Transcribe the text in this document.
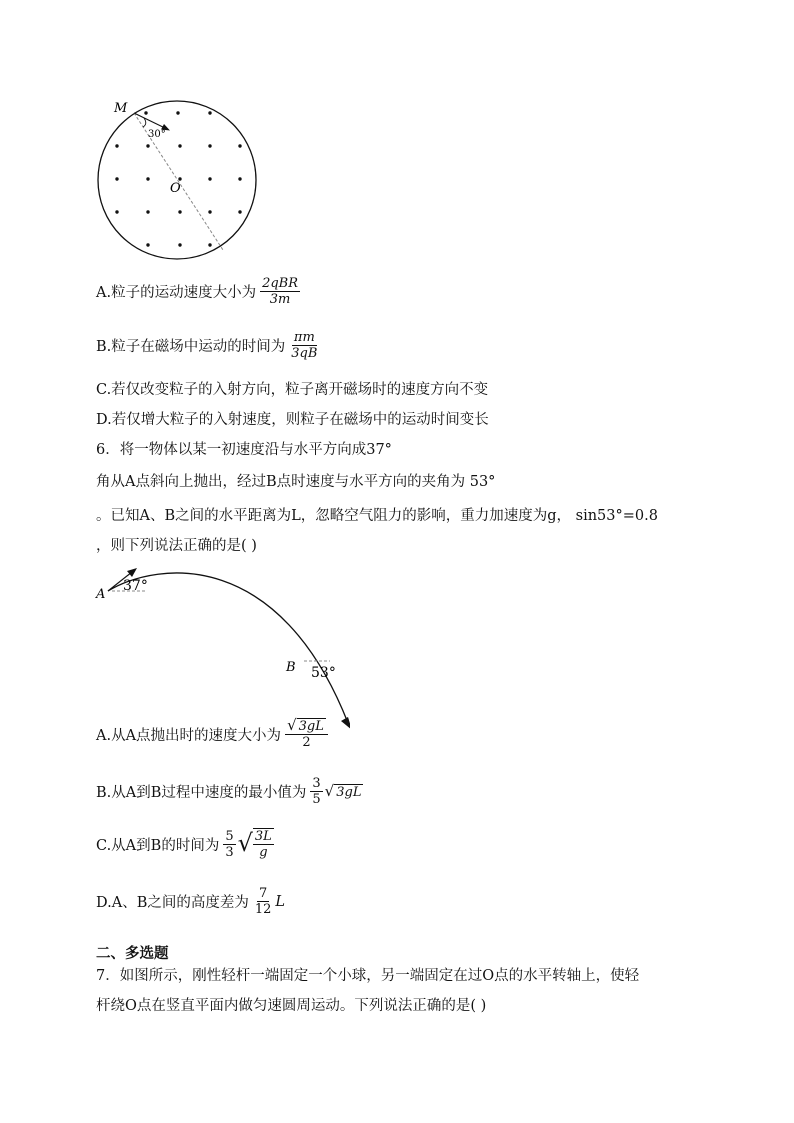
M
30°
O
A.粒子的运动速度大小为 $\frac{\text{2qBR}}{3m}$
B.粒子在磁场中运动的时间为 $\frac{\pi m}{3qB}$
C.若仅改变粒子的入射方向，粒子离开磁场时的速度方向不变
D.若仅增大粒子的入射速度，则粒子在磁场中的运动时间变长
6．将一物体以某一初速度沿与水平方向成37°
角从A点斜向上抛出，经过B点时速度与水平方向的夹角为 53°
。已知A、B之间的水平距离为L，忽略空气阻力的影响，重力加速度为g， sin53°=0.8
，则下列说法正确的是( )
A
37°
B 53°
A.从A点抛出时的速度大小为 $\frac{√ 3gL}{2}$
B.从A到B过程中速度的最小值为 $\frac{3}{5}$ √ 3gL
C.从A到B的时间为 $\frac{5}{3}$ √ $\frac{3L}{g}$
D.A、B之间的高度差为 $\frac{7}{12}$ L
二、多选题
7．如图所示，刚性轻杆一端固定一个小球，另一端固定在过O点的水平转轴上，使轻
杆绕O点在竖直平面内做匀速圆周运动。下列说法正确的是( )
